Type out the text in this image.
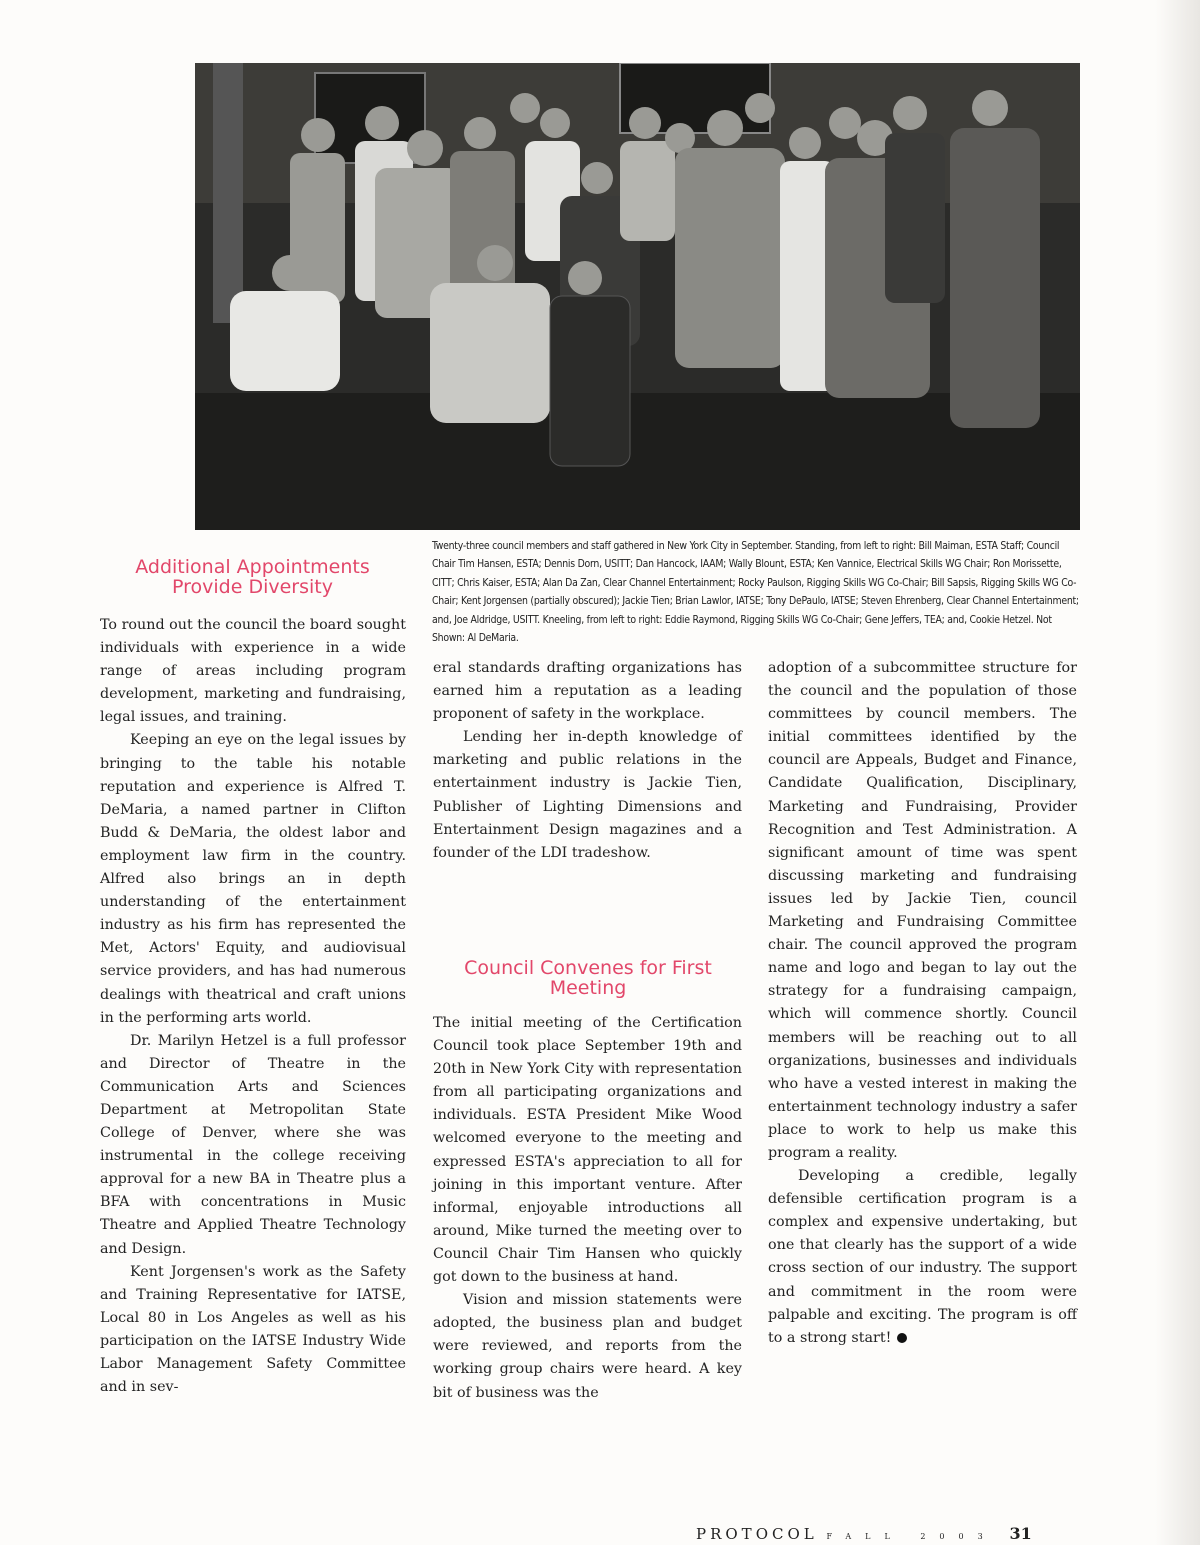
Twenty-three council members and staff gathered in New York City in September. Standing, from left to right: Bill Maiman, ESTA Staff; Council Chair Tim Hansen, ESTA; Dennis Dorn, USITT; Dan Hancock, IAAM; Wally Blount, ESTA; Ken Vannice, Electrical Skills WG Chair; Ron Morissette, CITT; Chris Kaiser, ESTA; Alan Da Zan, Clear Channel Entertainment; Rocky Paulson, Rigging Skills WG Co-Chair; Bill Sapsis, Rigging Skills WG Co-Chair; Kent Jorgensen (partially obscured); Jackie Tien; Brian Lawlor, IATSE; Tony DePaulo, IATSE; Steven Ehrenberg, Clear Channel Entertainment; and, Joe Aldridge, USITT. Kneeling, from left to right: Eddie Raymond, Rigging Skills WG Co-Chair; Gene Jeffers, TEA; and, Cookie Hetzel. Not Shown: Al DeMaria.
Additional Appointments Provide Diversity

To round out the council the board sought individuals with experience in a wide range of areas including program development, marketing and fundraising, legal issues, and training.

Keeping an eye on the legal issues by bringing to the table his notable reputation and experience is Alfred T. DeMaria, a named partner in Clifton Budd & DeMaria, the oldest labor and employment law firm in the country. Alfred also brings an in depth understanding of the entertainment industry as his firm has represented the Met, Actors' Equity, and audiovisual service providers, and has had numerous dealings with theatrical and craft unions in the performing arts world.

Dr. Marilyn Hetzel is a full professor and Director of Theatre in the Communication Arts and Sciences Department at Metropolitan State College of Denver, where she was instrumental in the college receiving approval for a new BA in Theatre plus a BFA with concentrations in Music Theatre and Applied Theatre Technology and Design.

Kent Jorgensen's work as the Safety and Training Representative for IATSE, Local 80 in Los Angeles as well as his participation on the IATSE Industry Wide Labor Management Safety Committee and in sev-

eral standards drafting organizations has earned him a reputation as a leading proponent of safety in the workplace.

Lending her in-depth knowledge of marketing and public relations in the entertainment industry is Jackie Tien, Publisher of Lighting Dimensions and Entertainment Design magazines and a founder of the LDI tradeshow.

Council Convenes for First Meeting

The initial meeting of the Certification Council took place September 19th and 20th in New York City with representation from all participating organizations and individuals. ESTA President Mike Wood welcomed everyone to the meeting and expressed ESTA's appreciation to all for joining in this important venture. After informal, enjoyable introductions all around, Mike turned the meeting over to Council Chair Tim Hansen who quickly got down to the business at hand.

Vision and mission statements were adopted, the business plan and budget were reviewed, and reports from the working group chairs were heard. A key bit of business was the

adoption of a subcommittee structure for the council and the population of those committees by council members. The initial committees identified by the council are Appeals, Budget and Finance, Candidate Qualification, Disciplinary, Marketing and Fundraising, Provider Recognition and Test Administration. A significant amount of time was spent discussing marketing and fundraising issues led by Jackie Tien, council Marketing and Fundraising Committee chair. The council approved the program name and logo and began to lay out the strategy for a fundraising campaign, which will commence shortly. Council members will be reaching out to all organizations, businesses and individuals who have a vested interest in making the entertainment technology industry a safer place to work to help us make this program a reality.

Developing a credible, legally defensible certification program is a complex and expensive undertaking, but one that clearly has the support of a wide cross section of our industry. The support and commitment in the room were palpable and exciting. The program is off to a strong start!

PROTOCOL FALL 2003 31
